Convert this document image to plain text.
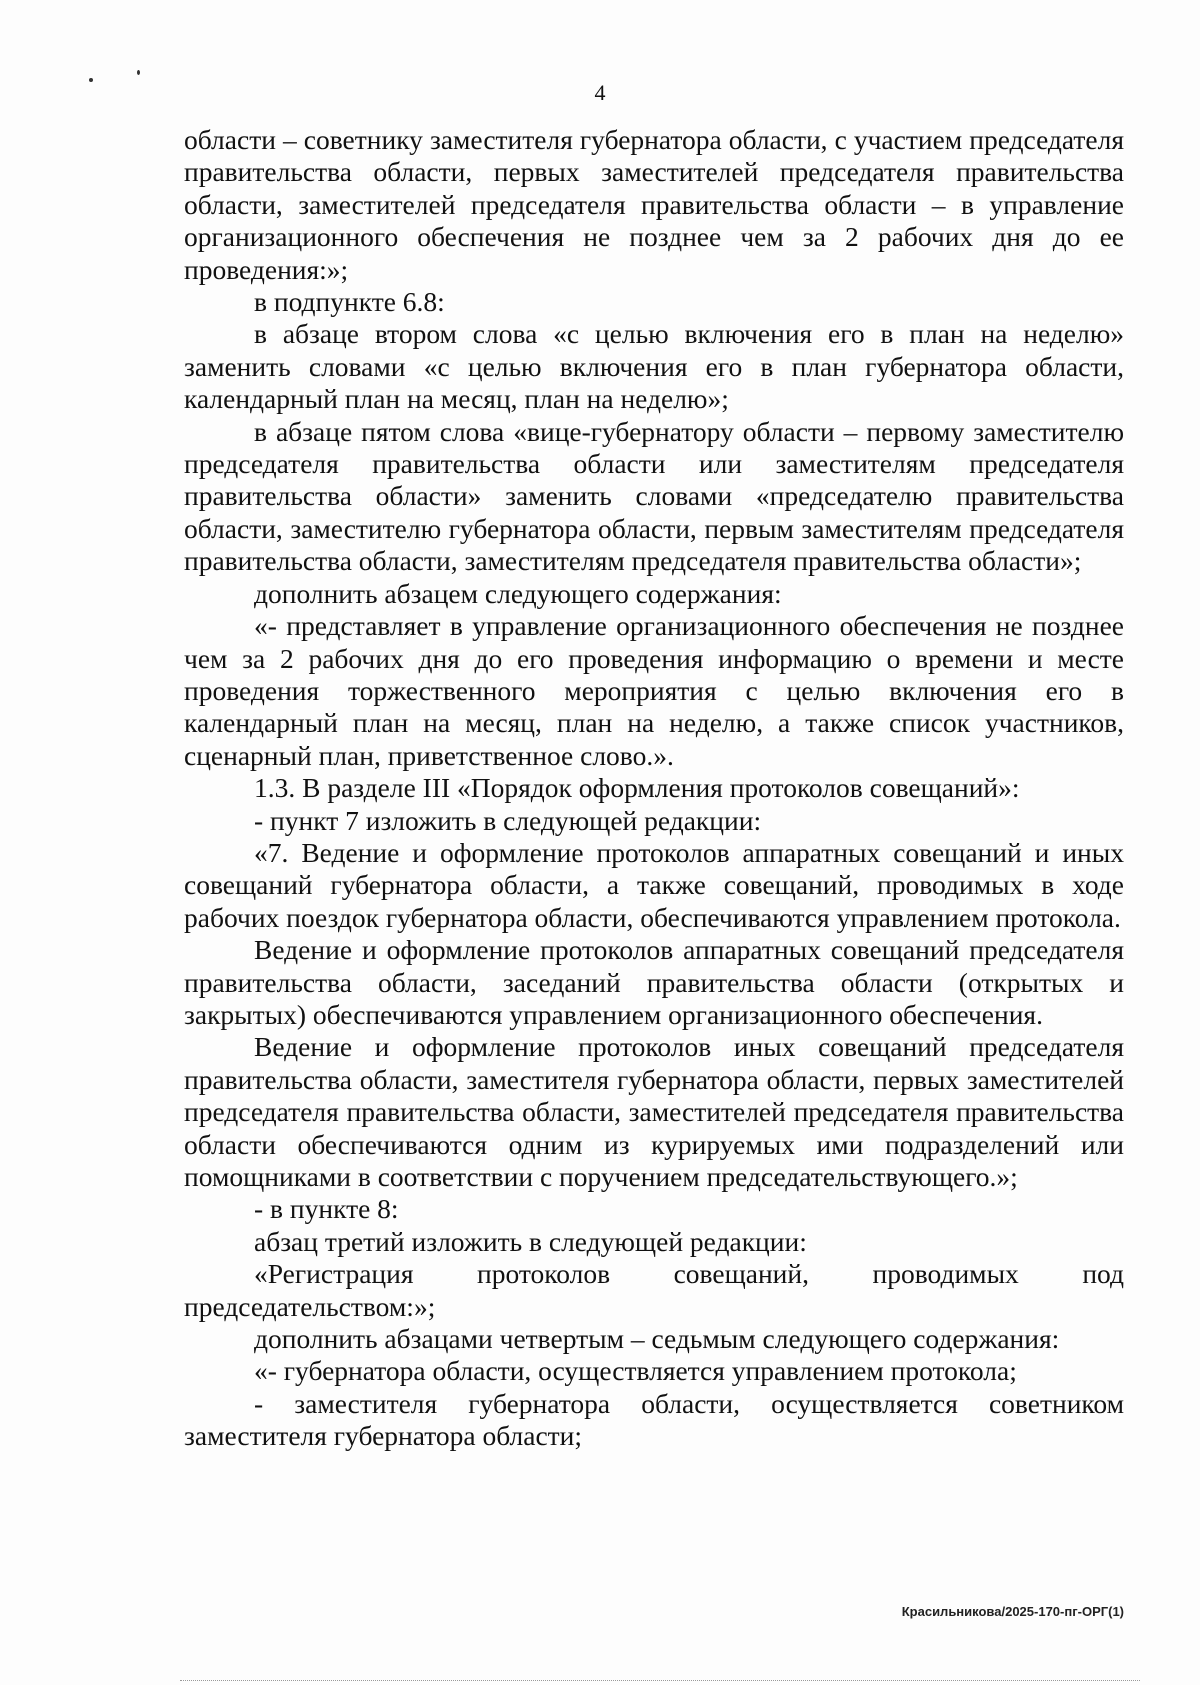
4

области – советнику заместителя губернатора области, с участием председателя правительства области, первых заместителей председателя правительства области, заместителей председателя правительства области – в управление организационного обеспечения не позднее чем за 2 рабочих дня до ее проведения:»;

в подпункте 6.8:

в абзаце втором слова «с целью включения его в план на неделю» заменить словами «с целью включения его в план губернатора области, календарный план на месяц, план на неделю»;

в абзаце пятом слова «вице-губернатору области – первому заместителю председателя правительства области или заместителям председателя правительства области» заменить словами «председателю правительства области, заместителю губернатора области, первым заместителям председателя правительства области, заместителям председателя правительства области»;

дополнить абзацем следующего содержания:

«- представляет в управление организационного обеспечения не позднее чем за 2 рабочих дня до его проведения информацию о времени и месте проведения торжественного мероприятия с целью включения его в календарный план на месяц, план на неделю, а также список участников, сценарный план, приветственное слово.».

1.3. В разделе III «Порядок оформления протоколов совещаний»:

- пункт 7 изложить в следующей редакции:

«7. Ведение и оформление протоколов аппаратных совещаний и иных совещаний губернатора области, а также совещаний, проводимых в ходе рабочих поездок губернатора области, обеспечиваются управлением протокола.

Ведение и оформление протоколов аппаратных совещаний председателя правительства области, заседаний правительства области (открытых и закрытых) обеспечиваются управлением организационного обеспечения.

Ведение и оформление протоколов иных совещаний председателя правительства области, заместителя губернатора области, первых заместителей председателя правительства области, заместителей председателя правительства области обеспечиваются одним из курируемых ими подразделений или помощниками в соответствии с поручением председательствующего.»;

- в пункте 8:

абзац третий изложить в следующей редакции:

«Регистрация протоколов совещаний, проводимых под председательством:»;

дополнить абзацами четвертым – седьмым следующего содержания:

«- губернатора области, осуществляется управлением протокола;

- заместителя губернатора области, осуществляется советником заместителя губернатора области;

Красильникова/2025-170-пг-ОРГ(1)
